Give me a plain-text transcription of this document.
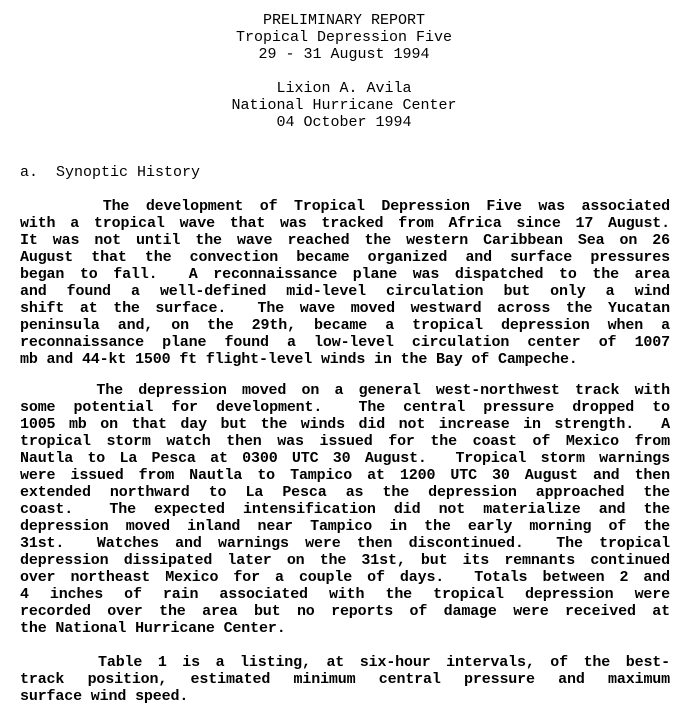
PRELIMINARY REPORT
Tropical Depression Five
29 - 31 August 1994
Lixion A. Avila
National Hurricane Center
04 October 1994
a.  Synoptic History
The development of Tropical Depression Five was associated
with a tropical wave that was tracked from Africa since 17 August.
It was not until the wave reached the western Caribbean Sea on 26
August that the convection became organized and surface pressures
began to fall.  A reconnaissance plane was dispatched to the area
and found a well-defined mid-level circulation but only a wind
shift at the surface.  The wave moved westward across the Yucatan
peninsula and, on the 29th, became a tropical depression when a
reconnaissance plane found a low-level circulation center of 1007
mb and 44-kt 1500 ft flight-level winds in the Bay of Campeche.
The depression moved on a general west-northwest track with
some potential for development.  The central pressure dropped to
1005 mb on that day but the winds did not increase in strength.  A
tropical storm watch then was issued for the coast of Mexico from
Nautla to La Pesca at 0300 UTC 30 August.  Tropical storm warnings
were issued from Nautla to Tampico at 1200 UTC 30 August and then
extended northward to La Pesca as the depression approached the
coast.  The expected intensification did not materialize and the
depression moved inland near Tampico in the early morning of the
31st.  Watches and warnings were then discontinued.  The tropical
depression dissipated later on the 31st, but its remnants continued
over northeast Mexico for a couple of days.  Totals between 2 and
4 inches of rain associated with the tropical depression were
recorded over the area but no reports of damage were received at
the National Hurricane Center.
Table 1 is a listing, at six-hour intervals, of the best-
track position, estimated minimum central pressure and maximum
surface wind speed.
